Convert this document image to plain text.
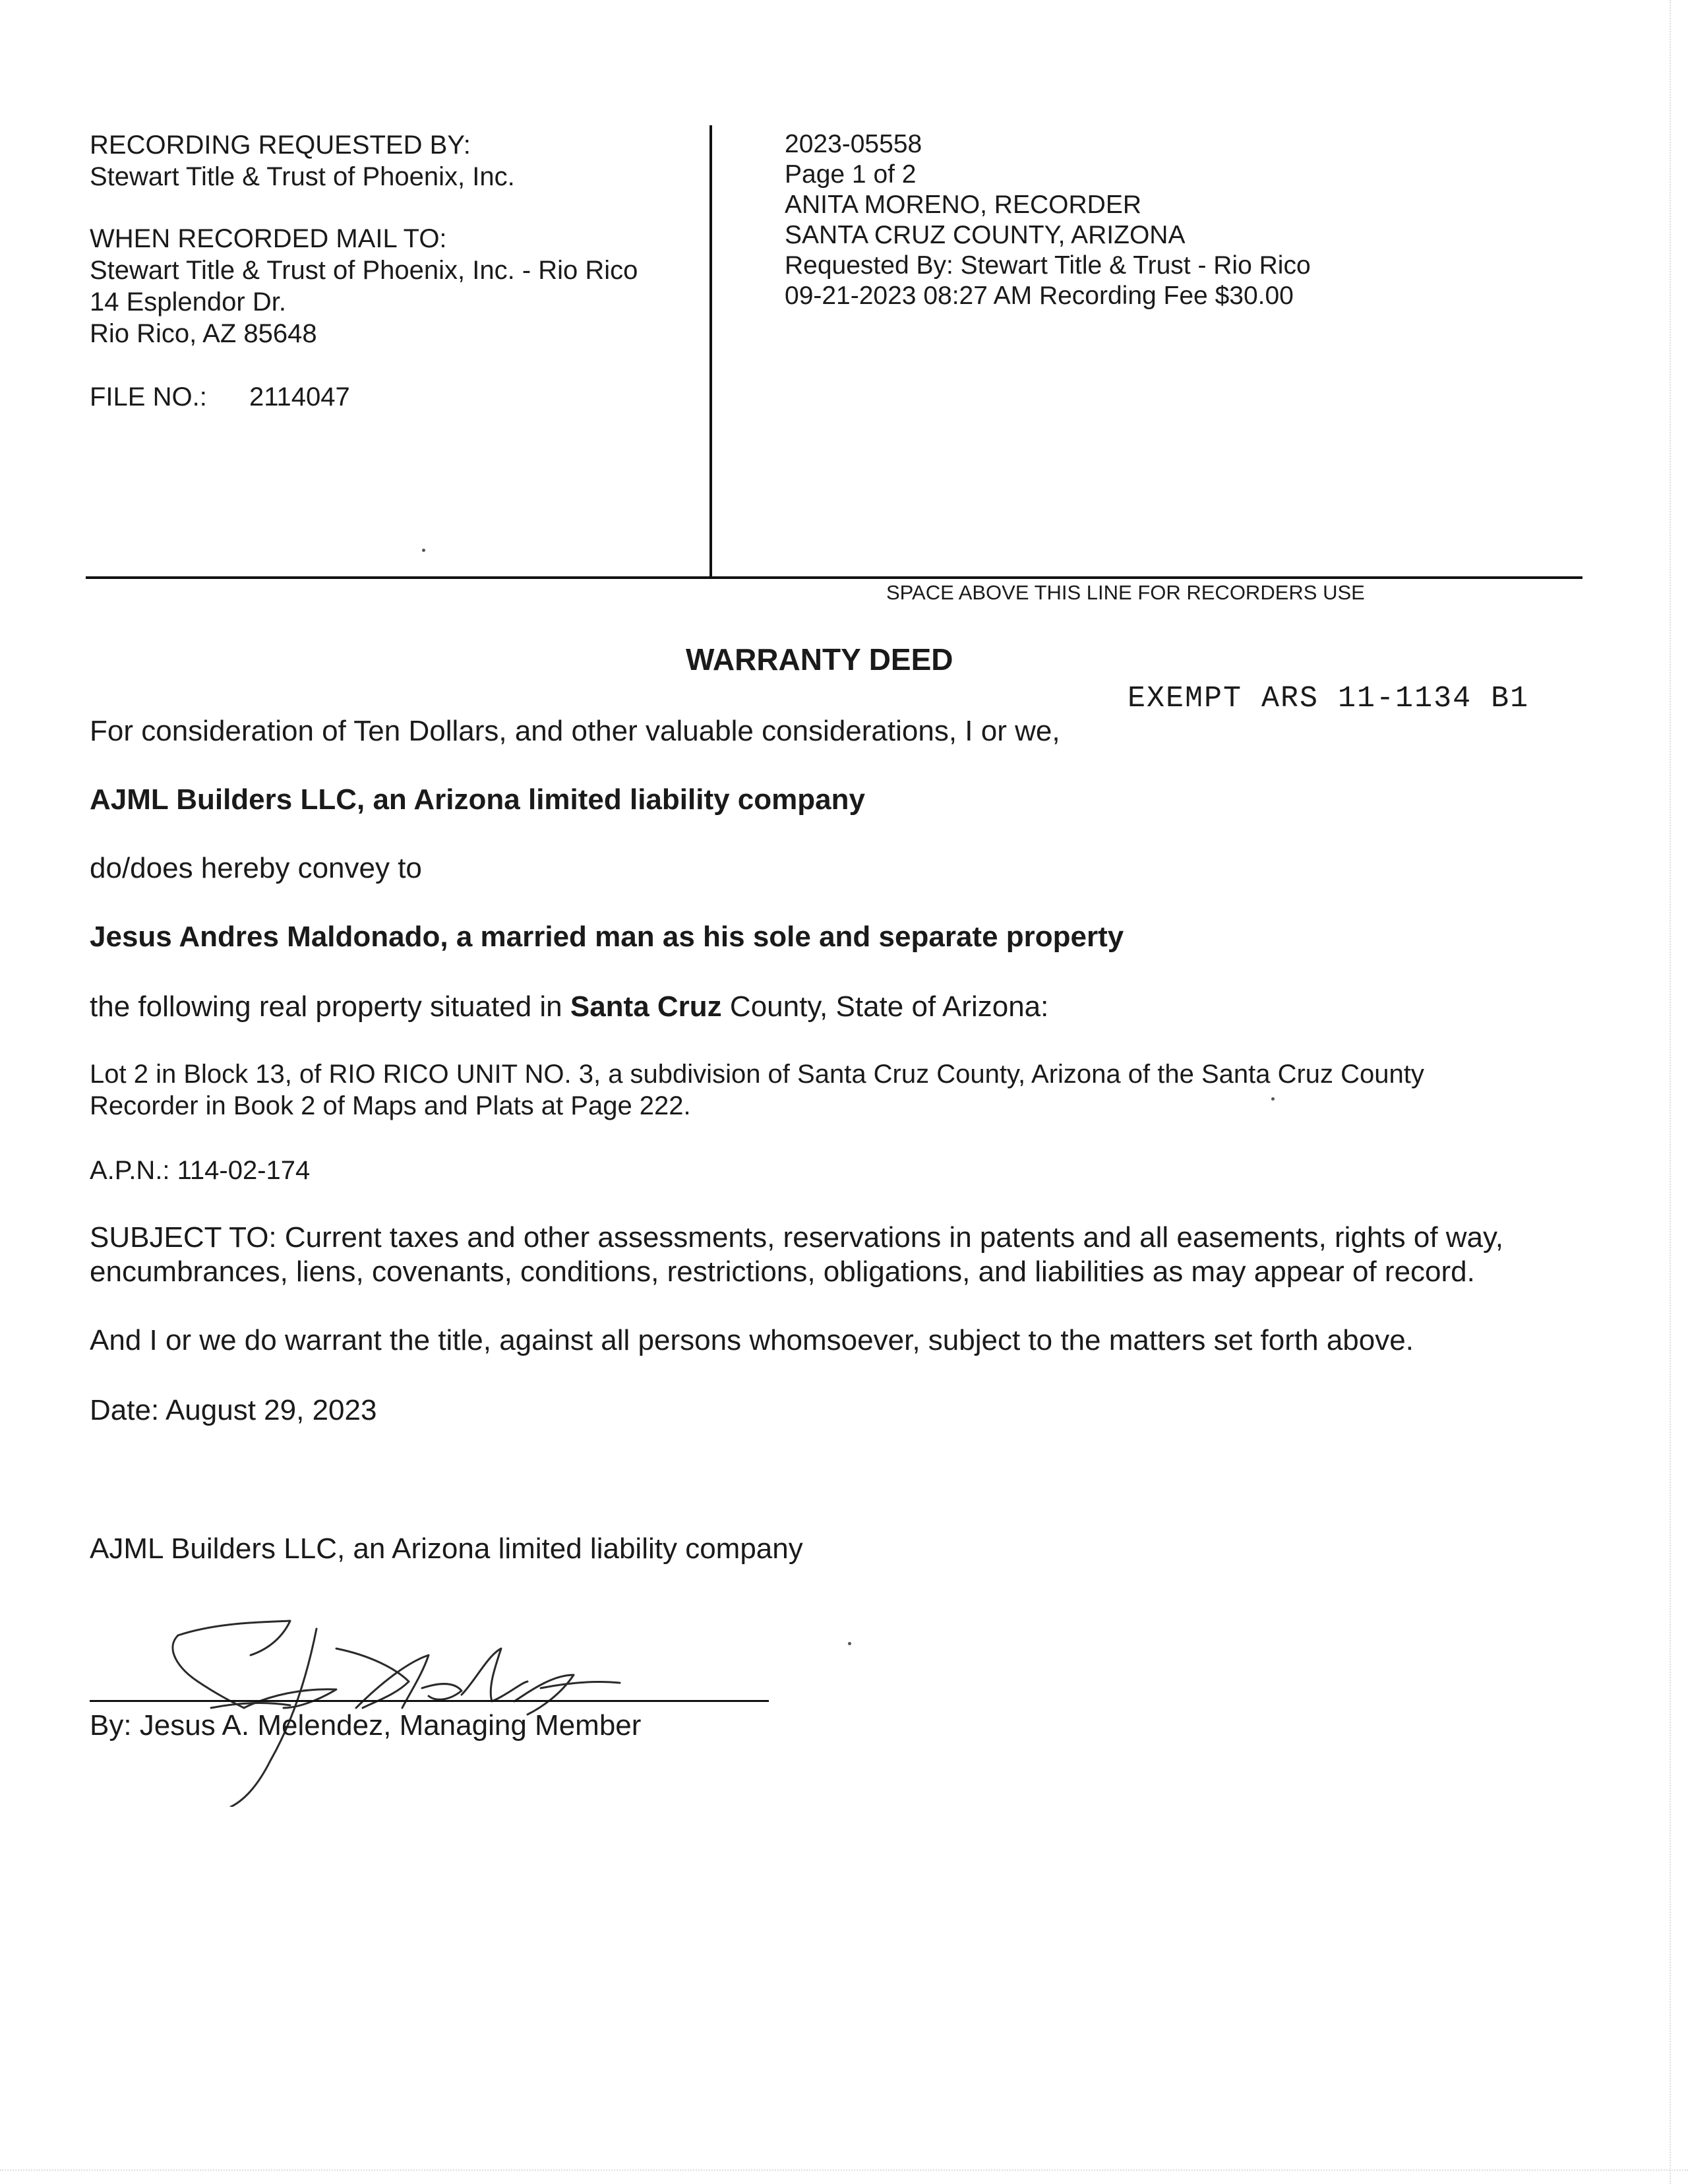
RECORDING REQUESTED BY:

Stewart Title & Trust of Phoenix, Inc.

WHEN RECORDED MAIL TO:

Stewart Title & Trust of Phoenix, Inc. - Rio Rico

14 Esplendor Dr.

Rio Rico, AZ 85648

FILE NO.: 2114047

2023-05558

Page 1 of 2

ANITA MORENO, RECORDER

SANTA CRUZ COUNTY, ARIZONA

Requested By: Stewart Title & Trust - Rio Rico

09-21-2023 08:27 AM Recording Fee $30.00

SPACE ABOVE THIS LINE FOR RECORDERS USE

WARRANTY DEED

EXEMPT ARS 11-1134 B1

For consideration of Ten Dollars, and other valuable considerations, I or we,

AJML Builders LLC, an Arizona limited liability company

do/does hereby convey to

Jesus Andres Maldonado, a married man as his sole and separate property

the following real property situated in Santa Cruz County, State of Arizona:

Lot 2 in Block 13, of RIO RICO UNIT NO. 3, a subdivision of Santa Cruz County, Arizona of the Santa Cruz County

Recorder in Book 2 of Maps and Plats at Page 222.

A.P.N.: 114-02-174

SUBJECT TO: Current taxes and other assessments, reservations in patents and all easements, rights of way,

encumbrances, liens, covenants, conditions, restrictions, obligations, and liabilities as may appear of record.

And I or we do warrant the title, against all persons whomsoever, subject to the matters set forth above.

Date: August 29, 2023

AJML Builders LLC, an Arizona limited liability company

By: Jesus A. Melendez, Managing Member
